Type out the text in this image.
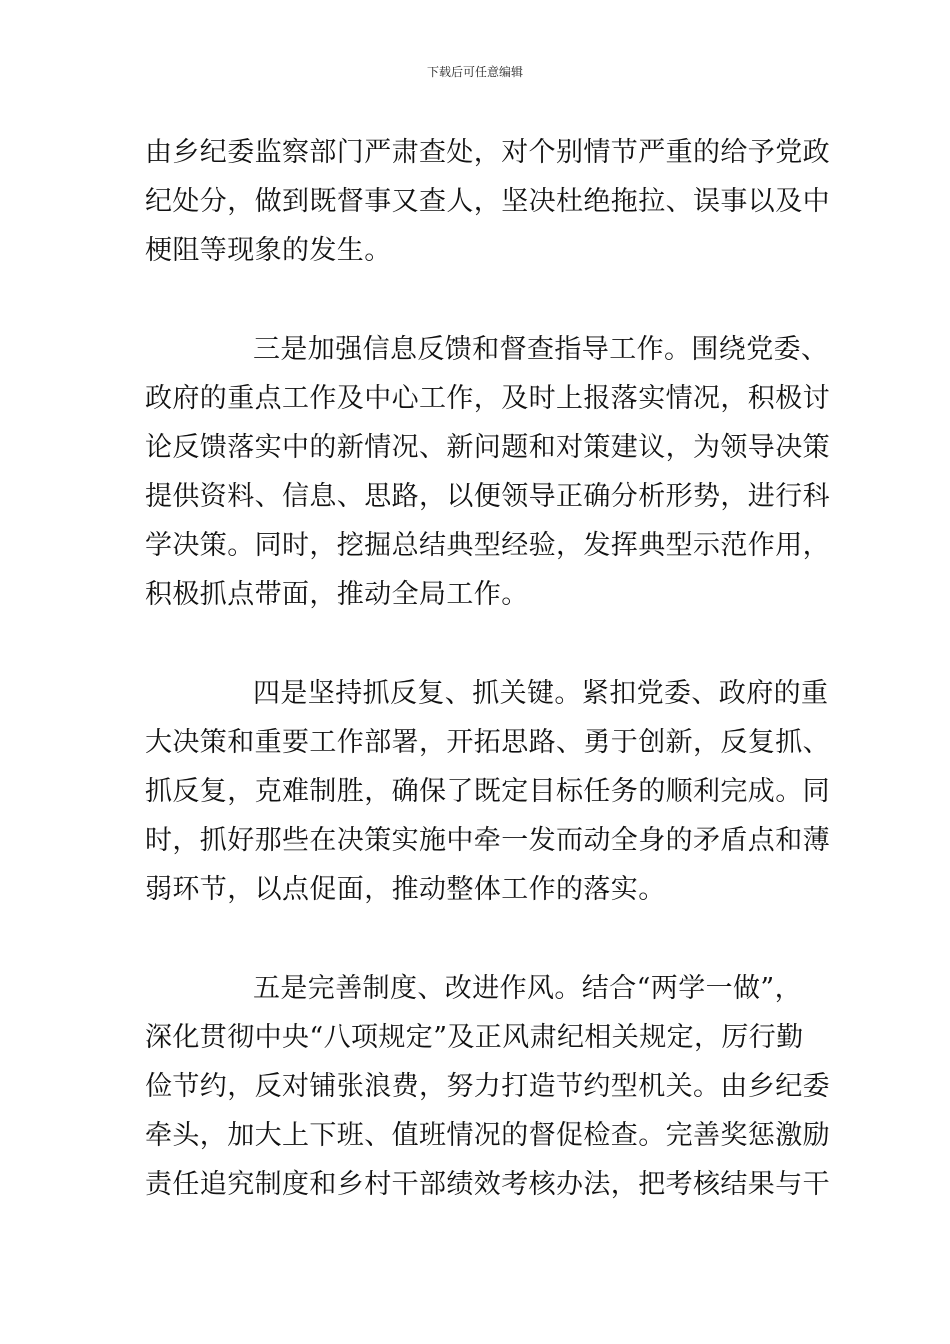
下载后可任意编辑
由乡纪委监察部门严肃查处，对个别情节严重的给予党政
纪处分，做到既督事又查人，坚决杜绝拖拉、误事以及中
梗阻等现象的发生。
三是加强信息反馈和督查指导工作。围绕党委、
政府的重点工作及中心工作，及时上报落实情况，积极讨
论反馈落实中的新情况、新问题和对策建议，为领导决策
提供资料、信息、思路，以便领导正确分析形势，进行科
学决策。同时，挖掘总结典型经验，发挥典型示范作用，
积极抓点带面，推动全局工作。
四是坚持抓反复、抓关键。紧扣党委、政府的重
大决策和重要工作部署，开拓思路、勇于创新，反复抓、
抓反复，克难制胜，确保了既定目标任务的顺利完成。同
时，抓好那些在决策实施中牵一发而动全身的矛盾点和薄
弱环节，以点促面，推动整体工作的落实。
五是完善制度、改进作风。结合“两学一做”，
深化贯彻中央“八项规定”及正风肃纪相关规定，厉行勤
俭节约，反对铺张浪费，努力打造节约型机关。由乡纪委
牵头，加大上下班、值班情况的督促检查。完善奖惩激励
责任追究制度和乡村干部绩效考核办法，把考核结果与干
